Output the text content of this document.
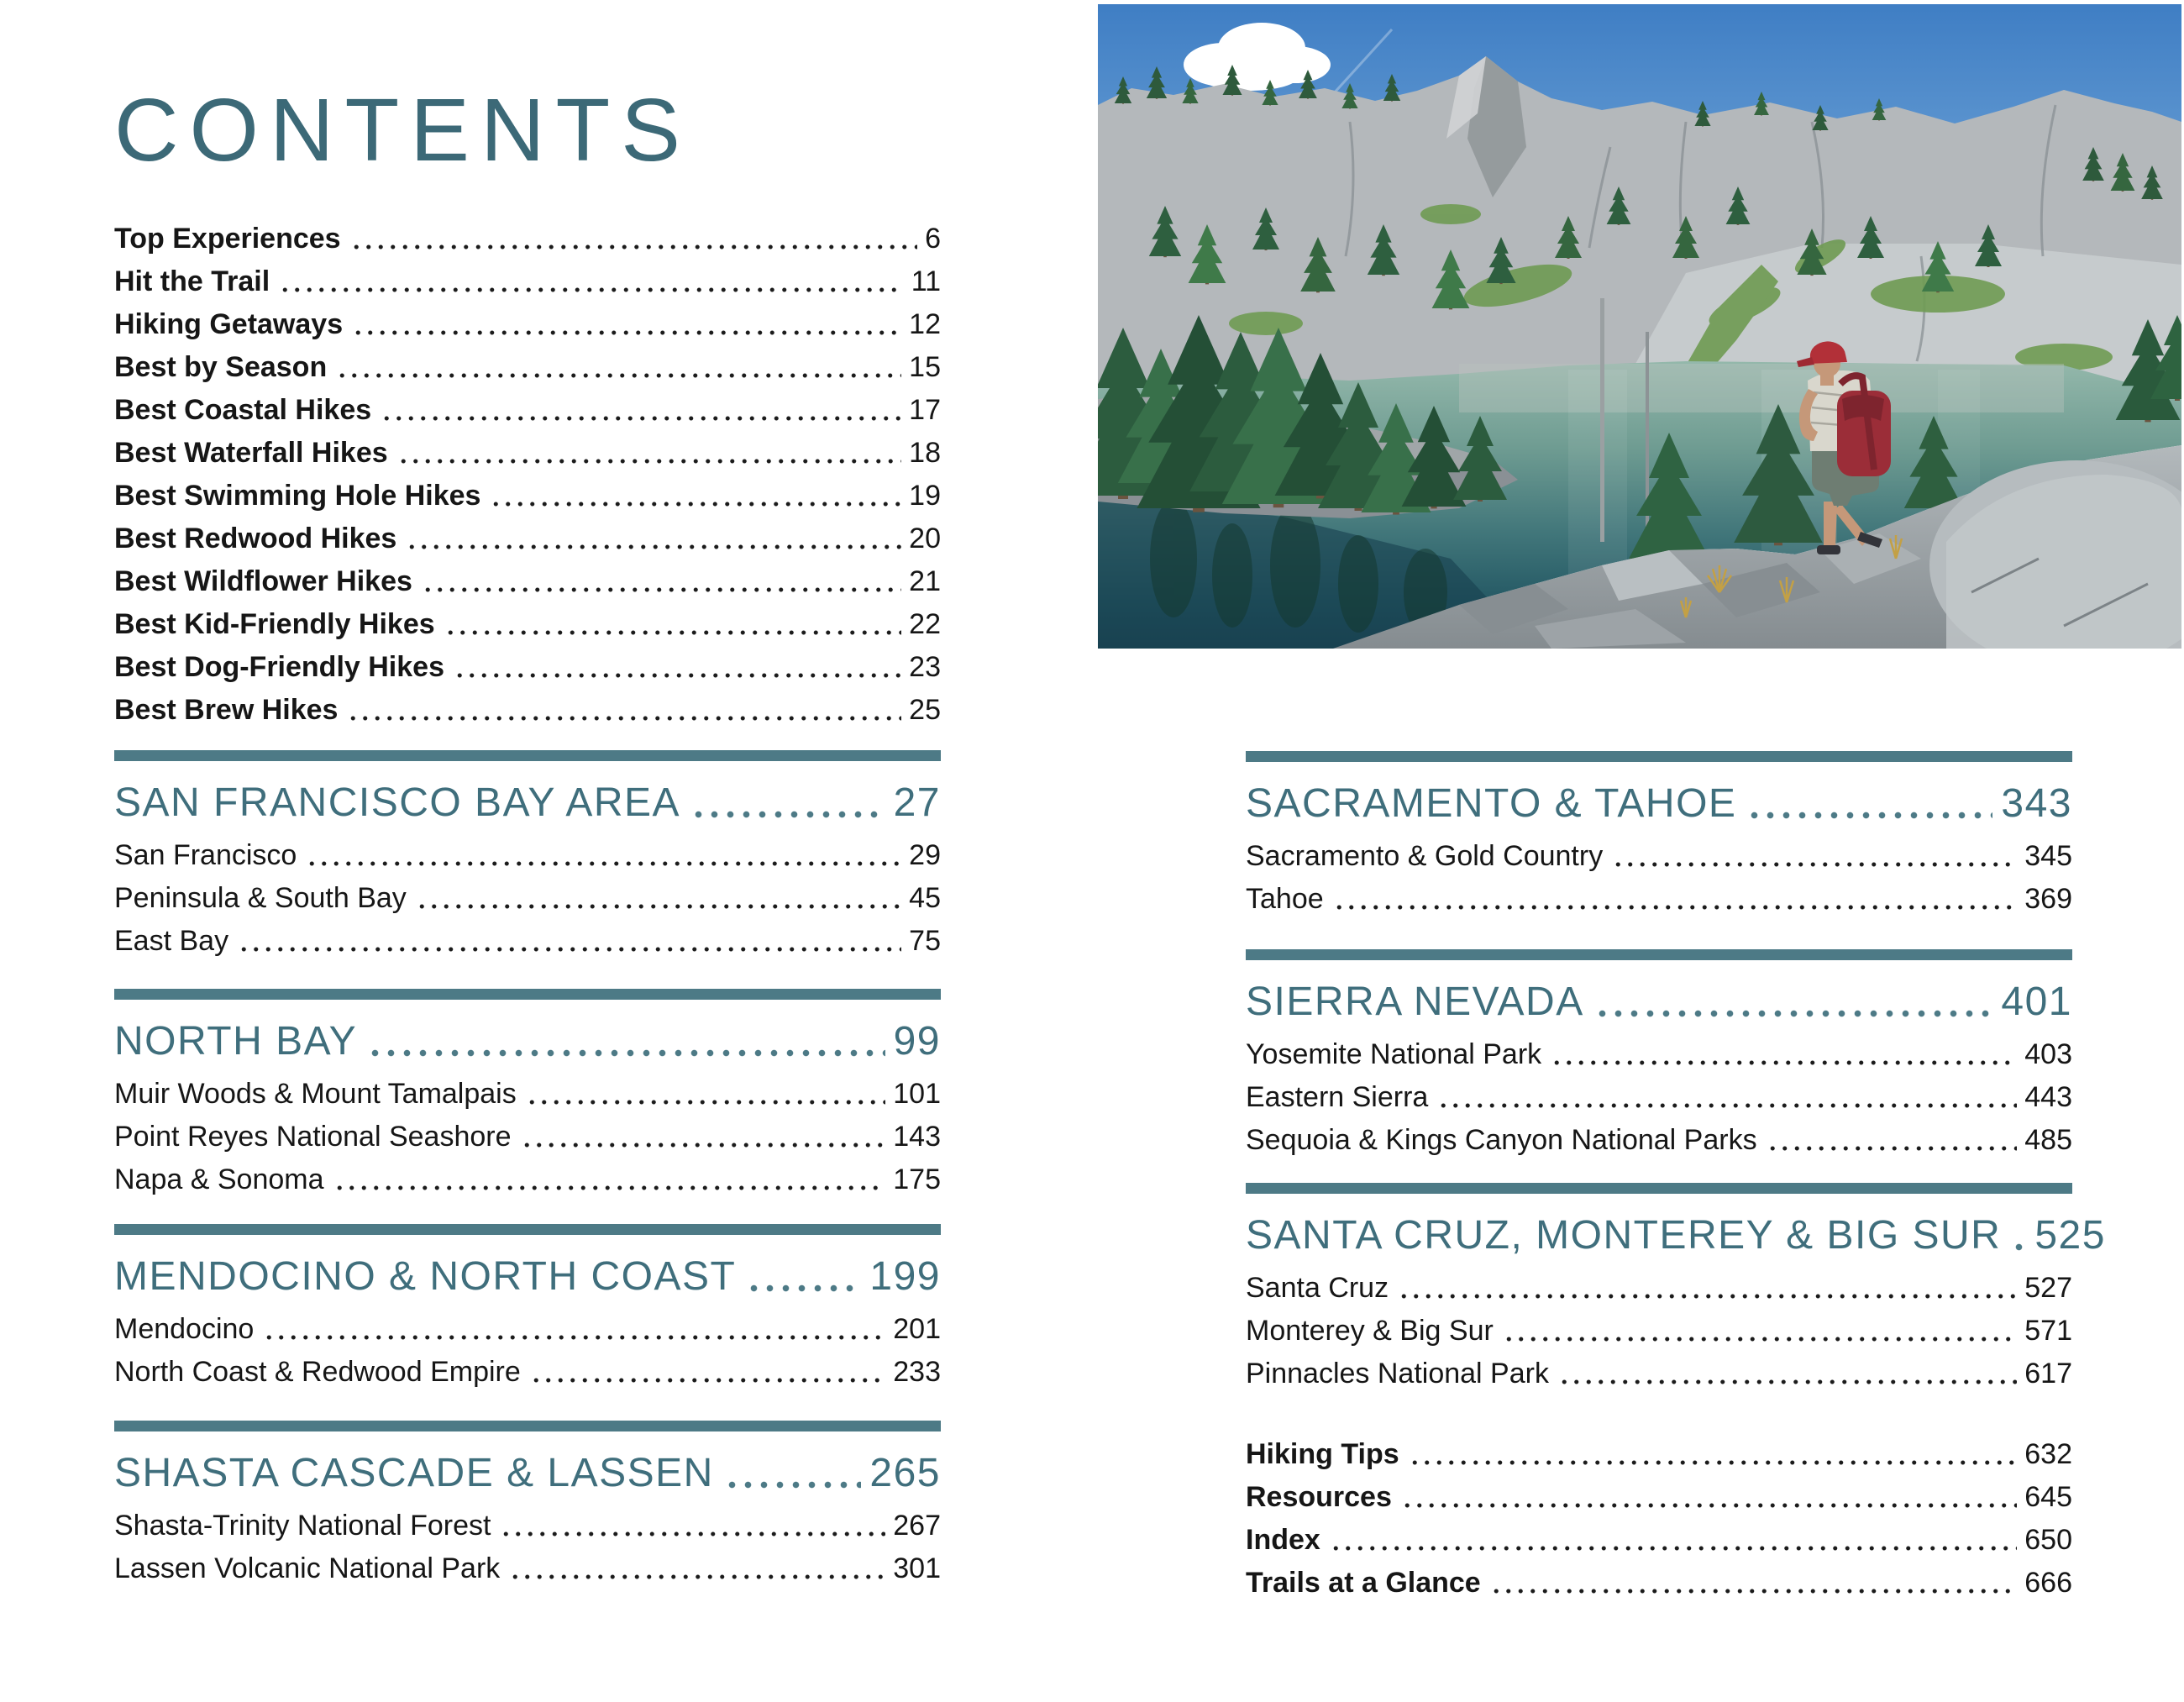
CONTENTS
Top Experiences	6
Hit the Trail	11
Hiking Getaways	12
Best by Season	15
Best Coastal Hikes	17
Best Waterfall Hikes	18
Best Swimming Hole Hikes	19
Best Redwood Hikes	20
Best Wildflower Hikes	21
Best Kid-Friendly Hikes	22
Best Dog-Friendly Hikes	23
Best Brew Hikes	25
SAN FRANCISCO BAY AREA	27
San Francisco	29
Peninsula & South Bay	45
East Bay	75
NORTH BAY	99
Muir Woods & Mount Tamalpais	101
Point Reyes National Seashore	143
Napa & Sonoma	175
MENDOCINO & NORTH COAST	199
Mendocino	201
North Coast & Redwood Empire	233
SHASTA CASCADE & LASSEN	265
Shasta-Trinity National Forest	267
Lassen Volcanic National Park	301
SACRAMENTO & TAHOE	343
Sacramento & Gold Country	345
Tahoe	369
SIERRA NEVADA	401
Yosemite National Park	403
Eastern Sierra	443
Sequoia & Kings Canyon National Parks	485
SANTA CRUZ, MONTEREY & BIG SUR 525
Santa Cruz	527
Monterey & Big Sur	571
Pinnacles National Park	617
Hiking Tips	632
Resources	645
Index	650
Trails at a Glance	666
